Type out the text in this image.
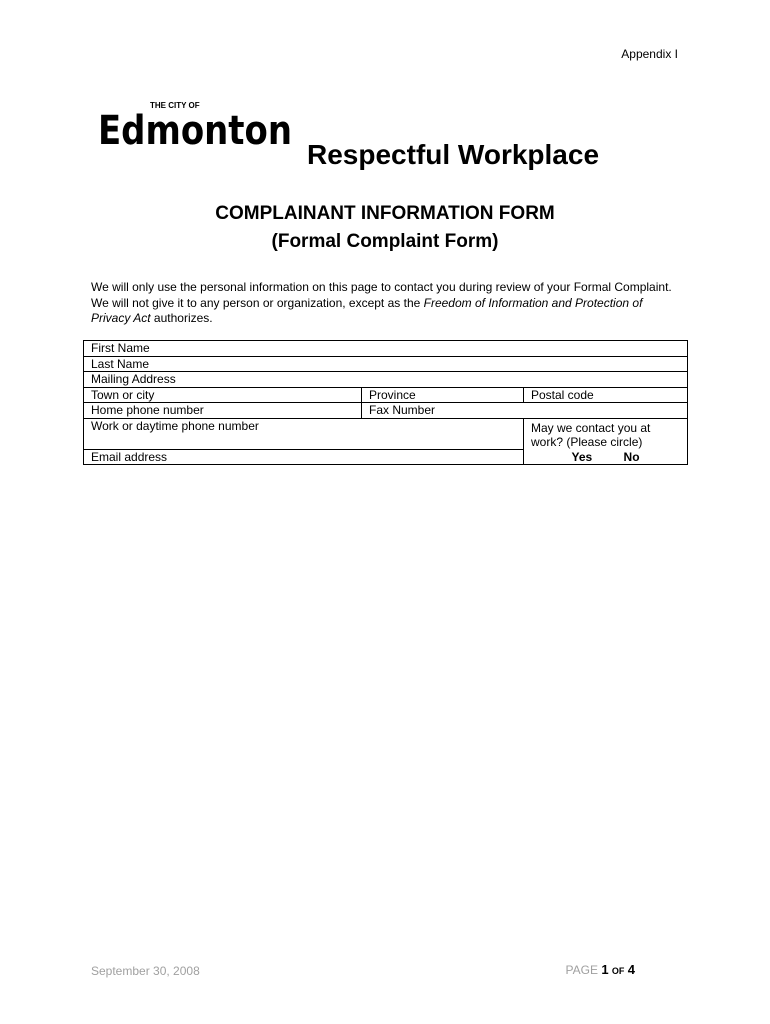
Appendix I
THE CITY OF
Edmonton
Respectful Workplace
COMPLAINANT INFORMATION FORM
(Formal Complaint Form)
We will only use the personal information on this page to contact you during review of your Formal Complaint. We will not give it to any person or organization, except as the Freedom of Information and Protection of Privacy Act authorizes.
First Name		
Last Name		
Mailing Address		
Town or city	Province	Postal code
Home phone number	Fax Number	
Work or daytime phone number		May we contact you at work? (Please circle)
Yes No

Email address		
September 30, 2008	PAGE 1 OF 4
